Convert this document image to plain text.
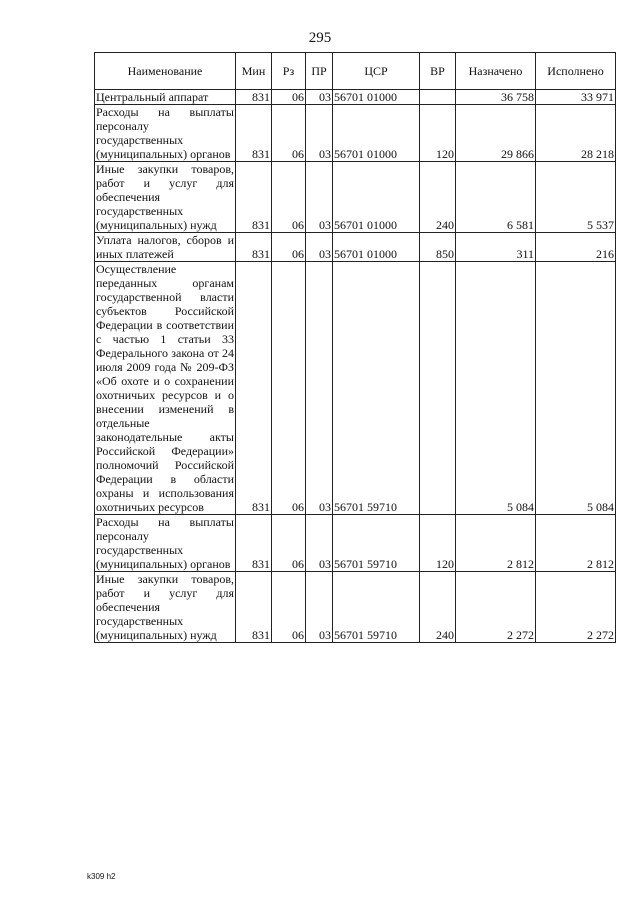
295
Наименование	Мин	Рз	ПР	ЦСР	ВР	Назначено	Исполнено
Центральный аппарат	831	06	03	56701 01000		36 758	33 971
Расходы на выплаты персоналу государственных (муниципальных) органов	831	06	03	56701 01000	120	29 866	28 218
Иные закупки товаров, работ и услуг для обеспечения государственных (муниципальных) нужд	831	06	03	56701 01000	240	6 581	5 537
Уплата налогов, сборов и иных платежей	831	06	03	56701 01000	850	311	216
Осуществление переданных органам государственной власти субъектов Российской Федерации в соответствии с частью 1 статьи 33 Федерального закона от 24 июля 2009 года № 209-ФЗ «Об охоте и о сохранении охотничьих ресурсов и о внесении изменений в отдельные законодательные акты Российской Федерации» полномочий Российской Федерации в области охраны и использования охотничьих ресурсов	831	06	03	56701 59710		5 084	5 084
Расходы на выплаты персоналу государственных (муниципальных) органов	831	06	03	56701 59710	120	2 812	2 812
Иные закупки товаров, работ и услуг для обеспечения государственных (муниципальных) нужд	831	06	03	56701 59710	240	2 272	2 272
k309 h2
